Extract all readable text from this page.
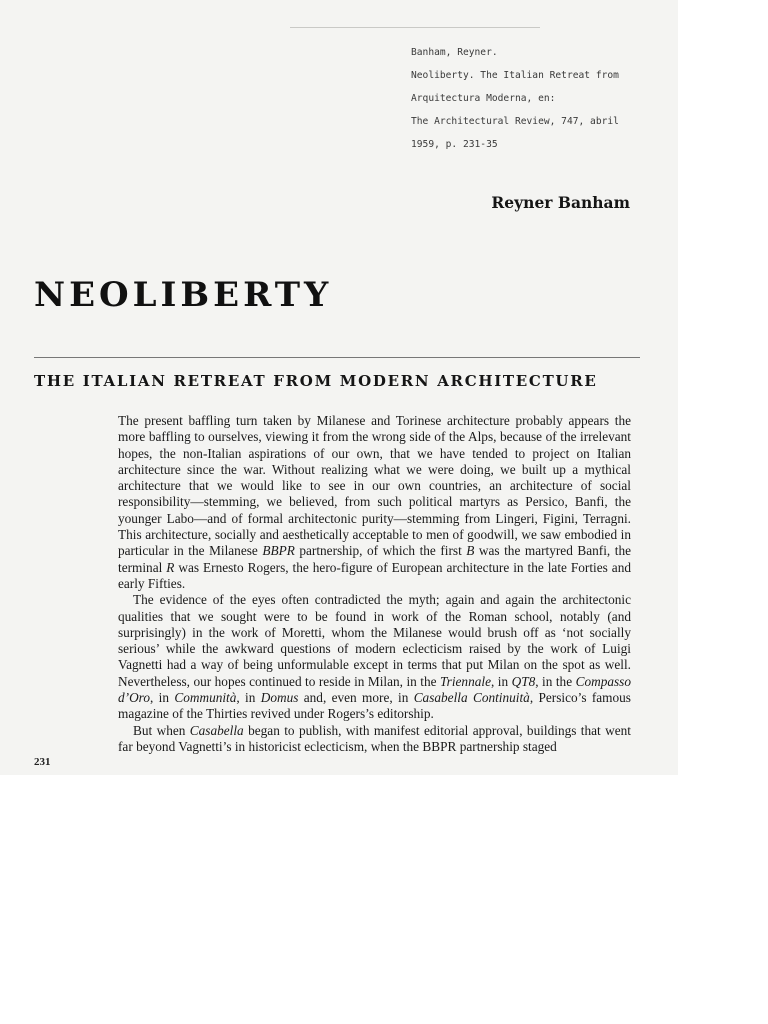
Banham, Reyner.

Neoliberty. The Italian Retreat from

Arquitectura Moderna, en:

The Architectural Review, 747, abril

1959, p. 231-35

Reyner Banham
NEOLIBERTY
THE ITALIAN RETREAT FROM MODERN ARCHITECTURE

The present baffling turn taken by Milanese and Torinese architecture probably appears the more baffling to ourselves, viewing it from the wrong side of the Alps, because of the irrelevant hopes, the non-Italian aspirations of our own, that we have tended to project on Italian architecture since the war. Without realizing what we were doing, we built up a mythical architecture that we would like to see in our own countries, an architecture of social responsibility—stemming, we believed, from such political martyrs as Persico, Banfi, the younger Labo—and of formal architectonic purity—stemming from Lingeri, Figini, Terragni. This architecture, socially and aesthetically acceptable to men of goodwill, we saw embodied in particular in the Milanese BBPR partnership, of which the first B was the martyred Banfi, the terminal R was Ernesto Rogers, the hero-figure of European architecture in the late Forties and early Fifties.

The evidence of the eyes often contradicted the myth; again and again the architectonic qualities that we sought were to be found in work of the Roman school, notably (and surprisingly) in the work of Moretti, whom the Milanese would brush off as ‘not socially serious’ while the awkward questions of modern eclecticism raised by the work of Luigi Vagnetti had a way of being unformulable except in terms that put Milan on the spot as well. Nevertheless, our hopes continued to reside in Milan, in the Triennale, in QT8, in the Compasso d’Oro, in Communità, in Domus and, even more, in Casabella Continuità, Persico’s famous magazine of the Thirties revived under Rogers’s editorship.

But when Casabella began to publish, with manifest editorial approval, buildings that went far beyond Vagnetti’s in historicist eclecticism, when the BBPR partnership staged

231
